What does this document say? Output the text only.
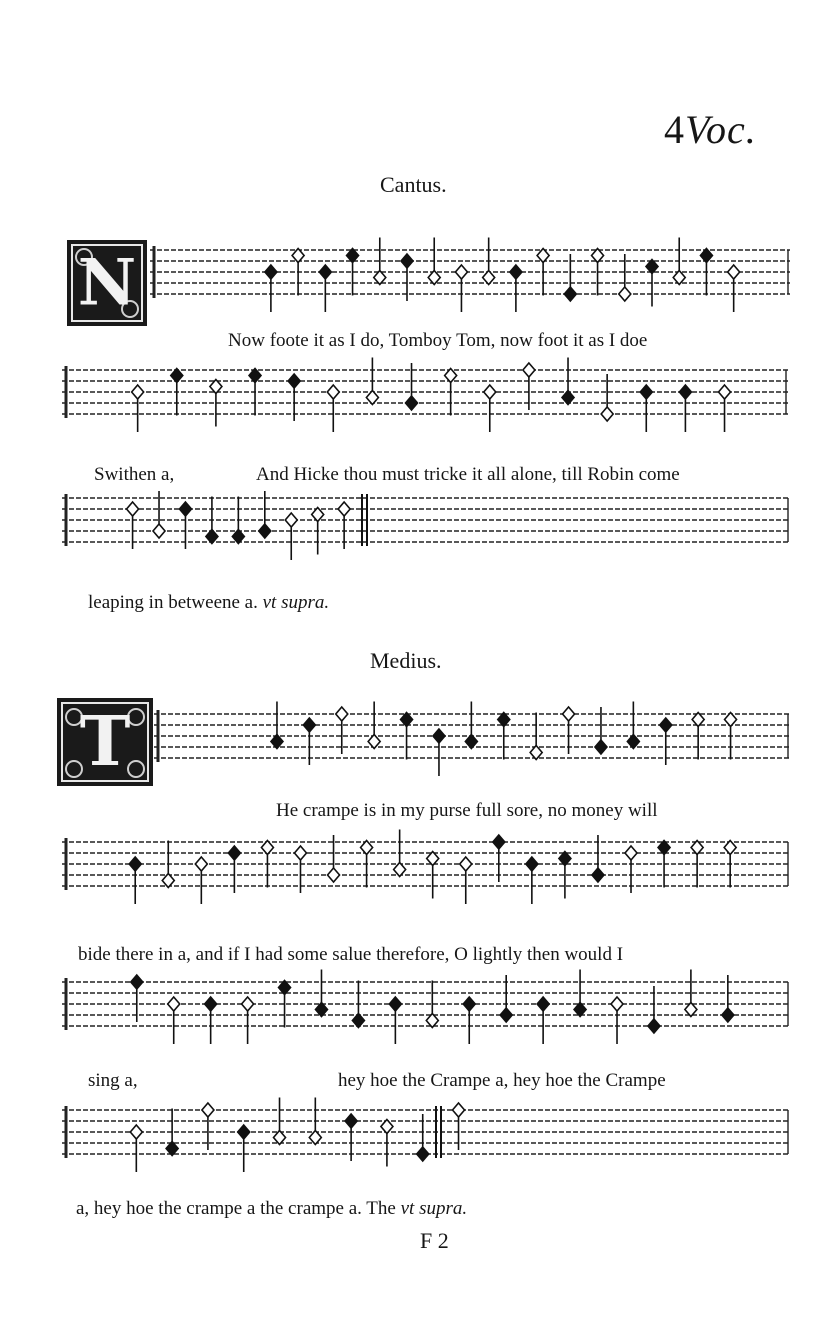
4Voc.
Cantus.
N
Now foote it as I do, Tomboy Tom, now foot it as I doe
Swithen a,	And Hicke thou must tricke it all alone, till Robin come
leaping in betweene a. vt supra.
Medius.
T
He crampe is in my purse full sore, no money will
bide there in a, and if I had some salue therefore, O lightly then would I
sing a,	hey hoe the Crampe a, hey hoe the Crampe
a, hey hoe the crampe a the crampe a. The vt supra.
F 2
